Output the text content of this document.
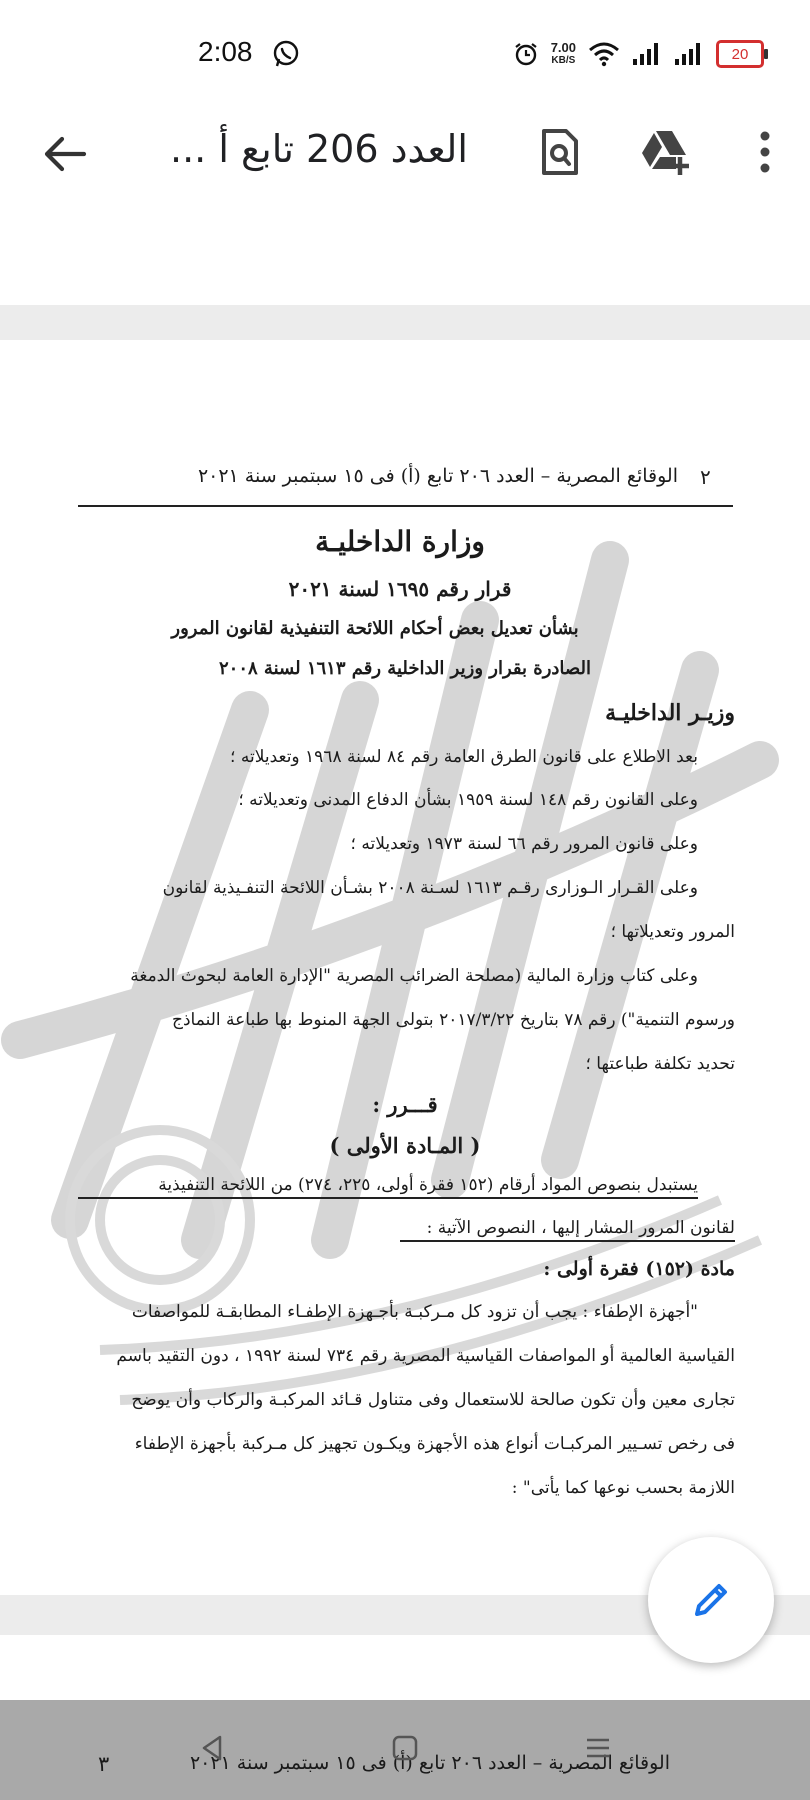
2:08	7.00
KB/S	20
العدد 206 تابع أ ...
٢
الوقائع المصرية – العدد ٢٠٦ تابع (أ) فى ١٥ سبتمبر سنة ٢٠٢١
وزارة الداخليـة
قرار رقم ١٦٩٥ لسنة ٢٠٢١
بشأن تعديل بعض أحكام اللائحة التنفيذية لقانون المرور
الصادرة بقرار وزير الداخلية رقم ١٦١٣ لسنة ٢٠٠٨
وزيـر الداخليـة
بعد الاطلاع على قانون الطرق العامة رقم ٨٤ لسنة ١٩٦٨ وتعديلاته ؛
وعلى القانون رقم ١٤٨ لسنة ١٩٥٩ بشأن الدفاع المدنى وتعديلاته ؛
وعلى قانون المرور رقم ٦٦ لسنة ١٩٧٣ وتعديلاته ؛
وعلى القـرار الـوزارى رقـم ١٦١٣ لسـنة ٢٠٠٨ بشـأن اللائحة التنفـيذية لقانون
المرور وتعديلاتها ؛
وعلى كتاب وزارة المالية (مصلحة الضرائب المصرية "الإدارة العامة لبحوث الدمغة
ورسوم التنمية") رقم ٧٨ بتاريخ ٢٠١٧/٣/٢٢ بتولى الجهة المنوط بها طباعة النماذج
تحديد تكلفة طباعتها ؛
قـــرر :
( المـادة الأولى )
يستبدل بنصوص المواد أرقام (١٥٢ فقرة أولى، ٢٢٥، ٢٧٤) من اللائحة التنفيذية
لقانون المرور المشار إليها ، النصوص الآتية :
مادة (١٥٢) فقرة أولى :
"أجهزة الإطفاء : يجب أن تزود كل مـركبـة بأجـهزة الإطفـاء المطابقـة للمواصفات
القياسية العالمية أو المواصفات القياسية المصرية رقم ٧٣٤ لسنة ١٩٩٢ ، دون التقيد باسم
تجارى معين وأن تكون صالحة للاستعمال وفى متناول قـائد المركبـة والركاب وأن يوضح
فى رخص تسـيير المركبـات أنواع هذه الأجهزة ويكـون تجهيز كل مـركبة بأجهزة الإطفاء
اللازمة بحسب نوعها كما يأتى" :
٣	الوقائع المصرية – العدد ٢٠٦ تابع (أ) فى ١٥ سبتمبر سنة ٢٠٢١
